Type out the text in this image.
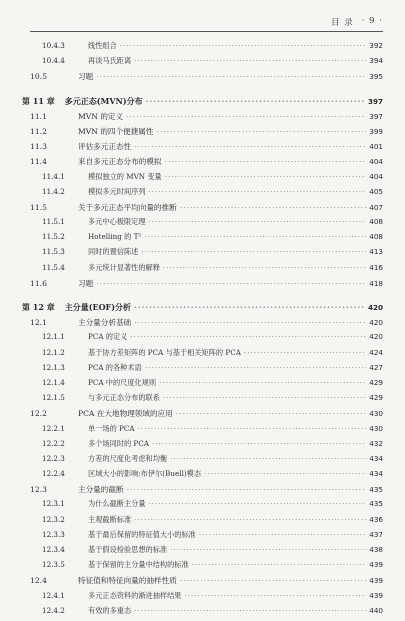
目 录 · 9 ·
10.4.3	线性组合 ·····	392
10.4.4	再谈马氏距离 ·····	394
10.5	习题 ·····	395
第 11 章 多元正态(MVN)分布 ·····	397
11.1	MVN 的定义 ·····	397
11.2	MVN 的四个便捷属性 ·····	399
11.3	评估多元正态性 ·····	401
11.4	来自多元正态分布的模拟 ·····	404
11.4.1	模拟独立的 MVN 变量 ·····	404
11.4.2	模拟多元时间序列 ·····	405
11.5	关于多元正态平均向量的推断 ·····	407
11.5.1	多元中心极限定理 ·····	408
11.5.2	Hotelling 的 T² ·····	408
11.5.3	同时的置信陈述 ·····	413
11.5.4	多元统计显著性的解释 ·····	416
11.6	习题 ·····	418
第 12 章 主分量(EOF)分析 ·····	420
12.1	主分量分析基础 ·····	420
12.1.1	PCA 的定义 ·····	420
12.1.2	基于协方差矩阵的 PCA 与基于相关矩阵的 PCA ·····	424
12.1.3	PCA 的各种术语 ·····	427
12.1.4	PCA 中的尺度化规则 ·····	429
12.1.5	与多元正态分布的联系 ·····	429
12.2	PCA 在大地物理领域的应用 ·····	430
12.2.1	单一场的 PCA ·····	430
12.2.2	多个场同时的 PCA ·····	432
12.2.3	方差的尺度化考虑和均衡 ·····	434
12.2.4	区域大小的影响:布伊尔(Buell)模态 ·····	434
12.3	主分量的截断 ·····	435
12.3.1	为什么截断主分量 ·····	435
12.3.2	主观截断标准 ·····	436
12.3.3	基于最后保留的特征值大小的标准 ·····	437
12.3.4	基于假设检验思想的标准 ·····	438
12.3.5	基于保留的主分量中结构的标准 ·····	439
12.4	特征值和特征向量的抽样性质 ·····	439
12.4.1	多元正态资料的渐进抽样结果 ·····	439
12.4.2	有效的多重态 ·····	440
